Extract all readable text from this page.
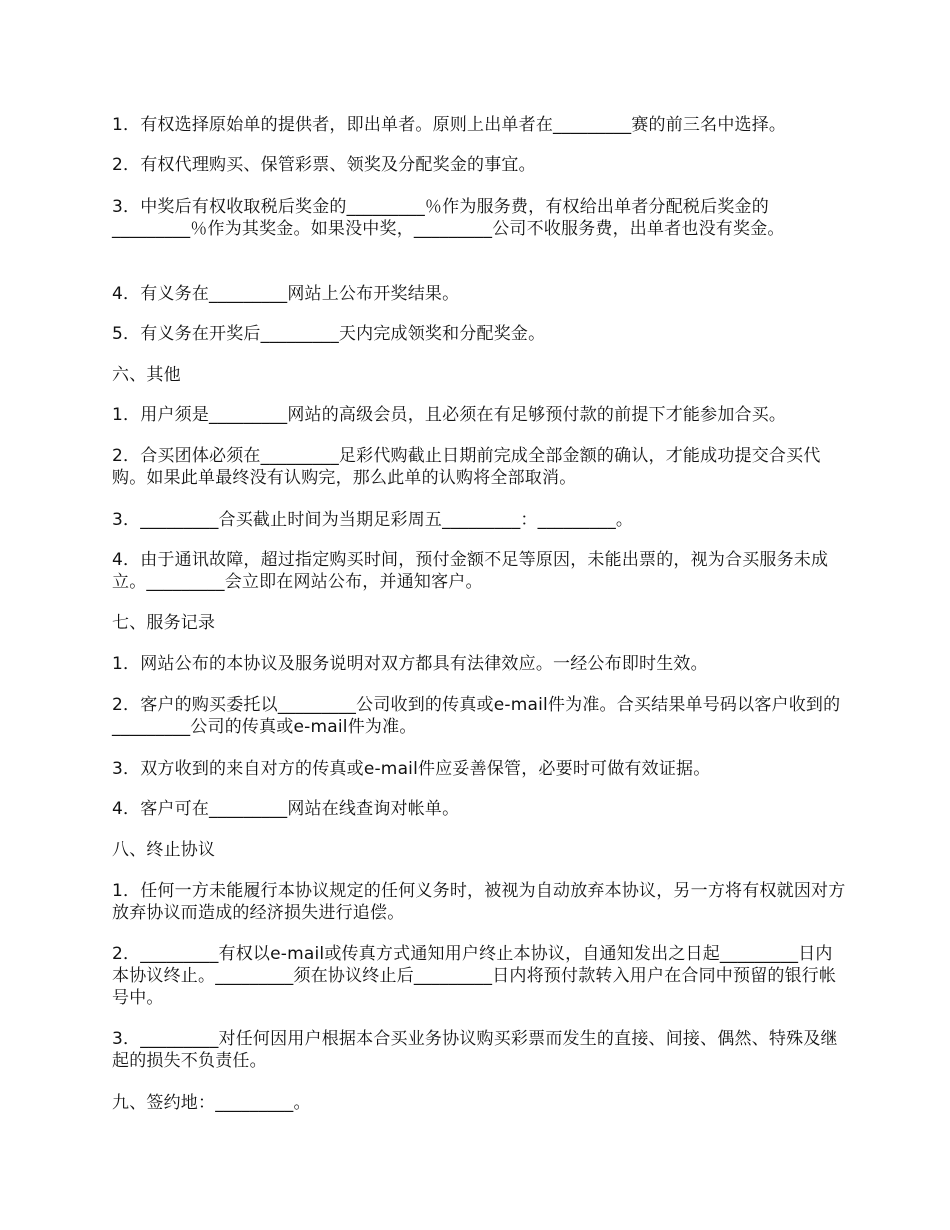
1．有权选择原始单的提供者，即出单者。原则上出单者在_________赛的前三名中选择。

2．有权代理购买、保管彩票、领奖及分配奖金的事宜。

3．中奖后有权收取税后奖金的_________％作为服务费，有权给出单者分配税后奖金的_________％作为其奖金。如果没中奖，_________公司不收服务费，出单者也没有奖金。

4．有义务在_________网站上公布开奖结果。

5．有义务在开奖后_________天内完成领奖和分配奖金。

六、其他

1．用户须是_________网站的高级会员，且必须在有足够预付款的前提下才能参加合买。

2．合买团体必须在_________足彩代购截止日期前完成全部金额的确认，才能成功提交合买代购。如果此单最终没有认购完，那么此单的认购将全部取消。

3．_________合买截止时间为当期足彩周五_________：_________。

4．由于通讯故障，超过指定购买时间，预付金额不足等原因，未能出票的，视为合买服务未成立。_________会立即在网站公布，并通知客户。

七、服务记录

1．网站公布的本协议及服务说明对双方都具有法律效应。一经公布即时生效。

2．客户的购买委托以_________公司收到的传真或e-mail件为准。合买结果单号码以客户收到的_________公司的传真或e-mail件为准。

3．双方收到的来自对方的传真或e-mail件应妥善保管，必要时可做有效证据。

4．客户可在_________网站在线查询对帐单。

八、终止协议

1．任何一方未能履行本协议规定的任何义务时，被视为自动放弃本协议，另一方将有权就因对方放弃协议而造成的经济损失进行追偿。

2．_________有权以e-mail或传真方式通知用户终止本协议，自通知发出之日起_________日内本协议终止。_________须在协议终止后_________日内将预付款转入用户在合同中预留的银行帐号中。

3．_________对任何因用户根据本合买业务协议购买彩票而发生的直接、间接、偶然、特殊及继起的损失不负责任。

九、签约地：_________。
